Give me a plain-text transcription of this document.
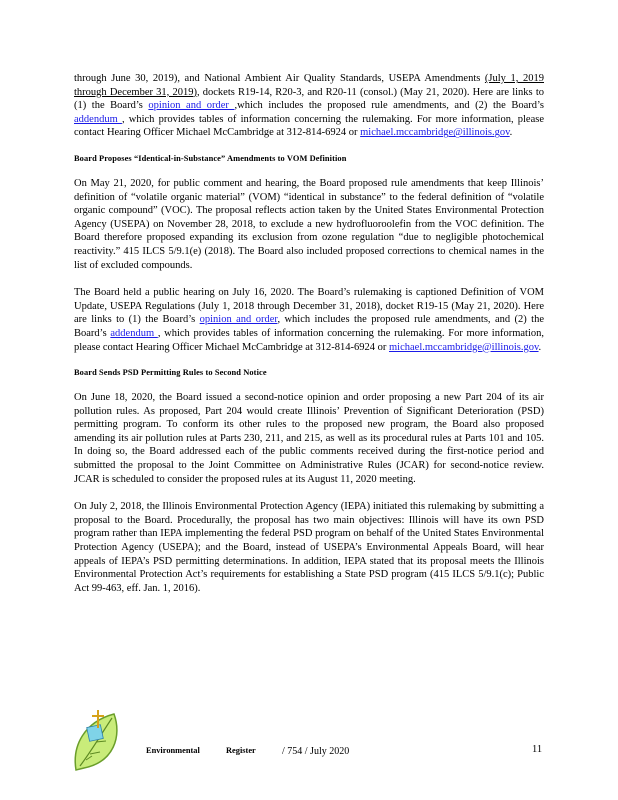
through June 30, 2019), and National Ambient Air Quality Standards, USEPA Amendments (July 1, 2019 through December 31, 2019), dockets R19-14, R20-3, and R20-11 (consol.) (May 21, 2020). Here are links to (1) the Board’s opinion and order ,which includes the proposed rule amendments, and (2) the Board’s addendum , which provides tables of information concerning the rulemaking. For more information, please contact Hearing Officer Michael McCambridge at 312-814-6924 or michael.mccambridge@illinois.gov.

Board Proposes “Identical-in-Substance” Amendments to VOM Definition

On May 21, 2020, for public comment and hearing, the Board proposed rule amendments that keep Illinois’ definition of “volatile organic material” (VOM) “identical in substance” to the federal definition of “volatile organic compound” (VOC). The proposal reflects action taken by the United States Environmental Protection Agency (USEPA) on November 28, 2018, to exclude a new hydrofluoroolefin from the VOC definition. The Board therefore proposed expanding its exclusion from ozone regulation “due to negligible photochemical reactivity.” 415 ILCS 5/9.1(e) (2018). The Board also included proposed corrections to chemical names in the list of excluded compounds.

The Board held a public hearing on July 16, 2020. The Board’s rulemaking is captioned Definition of VOM Update, USEPA Regulations (July 1, 2018 through December 31, 2018), docket R19-15 (May 21, 2020). Here are links to (1) the Board’s opinion and order, which includes the proposed rule amendments, and (2) the Board’s addendum , which provides tables of information concerning the rulemaking. For more information, please contact Hearing Officer Michael McCambridge at 312-814-6924 or michael.mccambridge@illinois.gov.

Board Sends PSD Permitting Rules to Second Notice

On June 18, 2020, the Board issued a second-notice opinion and order proposing a new Part 204 of its air pollution rules. As proposed, Part 204 would create Illinois’ Prevention of Significant Deterioration (PSD) permitting program. To conform its other rules to the proposed new program, the Board also proposed amending its air pollution rules at Parts 230, 211, and 215, as well as its procedural rules at Parts 101 and 105. In doing so, the Board addressed each of the public comments received during the first-notice period and submitted the proposal to the Joint Committee on Administrative Rules (JCAR) for second-notice review. JCAR is scheduled to consider the proposed rules at its August 11, 2020 meeting.

On July 2, 2018, the Illinois Environmental Protection Agency (IEPA) initiated this rulemaking by submitting a proposal to the Board. Procedurally, the proposal has two main objectives: Illinois will have its own PSD program rather than IEPA implementing the federal PSD program on behalf of the United States Environmental Protection Agency (USEPA); and the Board, instead of USEPA’s Environmental Appeals Board, will hear appeals of IEPA’s PSD permitting determinations. In addition, IEPA stated that its proposal meets the Illinois Environmental Protection Act’s requirements for establishing a State PSD program (415 ILCS 5/9.1(c); Public Act 99-463, eff. Jan. 1, 2016).

Environmental	Register	/ 754 / July 2020	11
